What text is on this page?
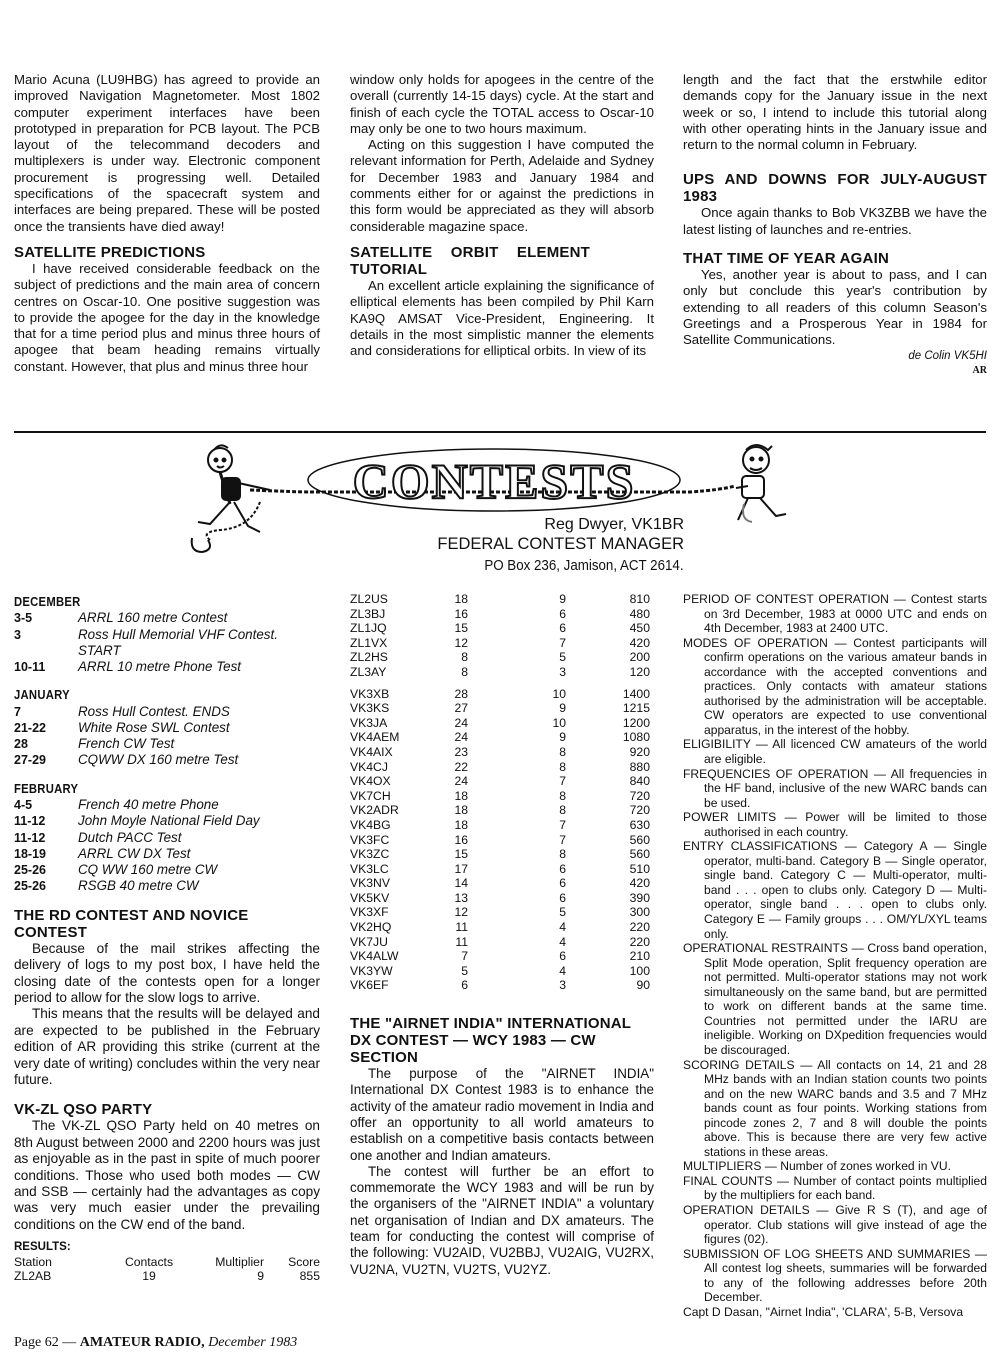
Mario Acuna (LU9HBG) has agreed to provide an improved Navigation Magnetometer. Most 1802 computer experiment interfaces have been prototyped in preparation for PCB layout. The PCB layout of the telecommand decoders and multiplexers is under way. Electronic component procurement is progressing well. Detailed specifications of the spacecraft system and interfaces are being prepared. These will be posted once the transients have died away!

SATELLITE PREDICTIONS

I have received considerable feedback on the subject of predictions and the main area of concern centres on Oscar-10. One positive suggestion was to provide the apogee for the day in the knowledge that for a time period plus and minus three hours of apogee that beam heading remains virtually constant. However, that plus and minus three hour

window only holds for apogees in the centre of the overall (currently 14-15 days) cycle. At the start and finish of each cycle the TOTAL access to Oscar-10 may only be one to two hours maximum.

Acting on this suggestion I have computed the relevant information for Perth, Adelaide and Sydney for December 1983 and January 1984 and comments either for or against the predictions in this form would be appreciated as they will absorb considerable magazine space.

SATELLITE ORBIT ELEMENT TUTORIAL

An excellent article explaining the significance of elliptical elements has been compiled by Phil Karn KA9Q AMSAT Vice-President, Engineering. It details in the most simplistic manner the elements and considerations for elliptical orbits. In view of its

length and the fact that the erstwhile editor demands copy for the January issue in the next week or so, I intend to include this tutorial along with other operating hints in the January issue and return to the normal column in February.

UPS AND DOWNS FOR JULY-AUGUST 1983

Once again thanks to Bob VK3ZBB we have the latest listing of launches and re-entries.

THAT TIME OF YEAR AGAIN

Yes, another year is about to pass, and I can only but conclude this year's contribution by extending to all readers of this column Season's Greetings and a Prosperous Year in 1984 for Satellite Communications.

de Colin VK5HI
AR
CONTESTS
Reg Dwyer, VK1BR
FEDERAL CONTEST MANAGER
PO Box 236, Jamison, ACT 2614.
DECEMBER
3-5	ARRL 160 metre Contest
3	Ross Hull Memorial VHF Contest. START
10-11	ARRL 10 metre Phone Test
JANUARY
7	Ross Hull Contest. ENDS
21-22	White Rose SWL Contest
28	French CW Test
27-29	CQWW DX 160 metre Test
FEBRUARY
4-5	French 40 metre Phone
11-12	John Moyle National Field Day
11-12	Dutch PACC Test
18-19	ARRL CW DX Test
25-26	CQ WW 160 metre CW
25-26	RSGB 40 metre CW
THE RD CONTEST AND NOVICE CONTEST

Because of the mail strikes affecting the delivery of logs to my post box, I have held the closing date of the contests open for a longer period to allow for the slow logs to arrive.

This means that the results will be delayed and are expected to be published in the February edition of AR providing this strike (current at the very date of writing) concludes within the very near future.

VK-ZL QSO PARTY

The VK-ZL QSO Party held on 40 metres on 8th August between 2000 and 2200 hours was just as enjoyable as in the past in spite of much poorer conditions. Those who used both modes — CW and SSB — certainly had the advantages as copy was very much easier under the prevailing conditions on the CW end of the band.

RESULTS:
Station	Contacts	Multiplier	Score
ZL2AB	19	9	855
ZL2US	18	9	810
ZL3BJ	16	6	480
ZL1JQ	15	6	450
ZL1VX	12	7	420
ZL2HS	8	5	200
ZL3AY	8	3	120
VK3XB	28	10	1400
VK3KS	27	9	1215
VK3JA	24	10	1200
VK4AEM	24	9	1080
VK4AIX	23	8	920
VK4CJ	22	8	880
VK4OX	24	7	840
VK7CH	18	8	720
VK2ADR	18	8	720
VK4BG	18	7	630
VK3FC	16	7	560
VK3ZC	15	8	560
VK3LC	17	6	510
VK3NV	14	6	420
VK5KV	13	6	390
VK3XF	12	5	300
VK2HQ	11	4	220
VK7JU	11	4	220
VK4ALW	7	6	210
VK3YW	5	4	100
VK6EF	6	3	90
THE "AIRNET INDIA" INTERNATIONAL DX CONTEST — WCY 1983 — CW SECTION

The purpose of the "AIRNET INDIA" International DX Contest 1983 is to enhance the activity of the amateur radio movement in India and offer an opportunity to all world amateurs to establish on a competitive basis contacts between one another and Indian amateurs.

The contest will further be an effort to commemorate the WCY 1983 and will be run by the organisers of the "AIRNET INDIA" a voluntary net organisation of Indian and DX amateurs. The team for conducting the contest will comprise of the following: VU2AID, VU2BBJ, VU2AIG, VU2RX, VU2NA, VU2TN, VU2TS, VU2YZ.

PERIOD OF CONTEST OPERATION — Contest starts on 3rd December, 1983 at 0000 UTC and ends on 4th December, 1983 at 2400 UTC.
MODES OF OPERATION — Contest participants will confirm operations on the various amateur bands in accordance with the accepted conventions and practices. Only contacts with amateur stations authorised by the administration will be acceptable. CW operators are expected to use conventional apparatus, in the interest of the hobby.
ELIGIBILITY — All licenced CW amateurs of the world are eligible.
FREQUENCIES OF OPERATION — All frequencies in the HF band, inclusive of the new WARC bands can be used.
POWER LIMITS — Power will be limited to those authorised in each country.
ENTRY CLASSIFICATIONS — Category A — Single operator, multi-band. Category B — Single operator, single band. Category C — Multi-operator, multi-band . . . open to clubs only. Category D — Multi-operator, single band . . . open to clubs only. Category E — Family groups . . . OM/YL/XYL teams only.
OPERATIONAL RESTRAINTS — Cross band operation, Split Mode operation, Split frequency operation are not permitted. Multi-operator stations may not work simultaneously on the same band, but are permitted to work on different bands at the same time. Countries not permitted under the IARU are ineligible. Working on DXpedition frequencies would be discouraged.
SCORING DETAILS — All contacts on 14, 21 and 28 MHz bands with an Indian station counts two points and on the new WARC bands and 3.5 and 7 MHz bands count as four points. Working stations from pincode zones 2, 7 and 8 will double the points above. This is because there are very few active stations in these areas.
MULTIPLIERS — Number of zones worked in VU.
FINAL COUNTS — Number of contact points multiplied by the multipliers for each band.
OPERATION DETAILS — Give R S (T), and age of operator. Club stations will give instead of age the figures (02).
SUBMISSION OF LOG SHEETS AND SUMMARIES — All contest log sheets, summaries will be forwarded to any of the following addresses before 20th December.
Capt D Dasan, "Airnet India", 'CLARA', 5-B, Versova
Page 62 — AMATEUR RADIO, December 1983
